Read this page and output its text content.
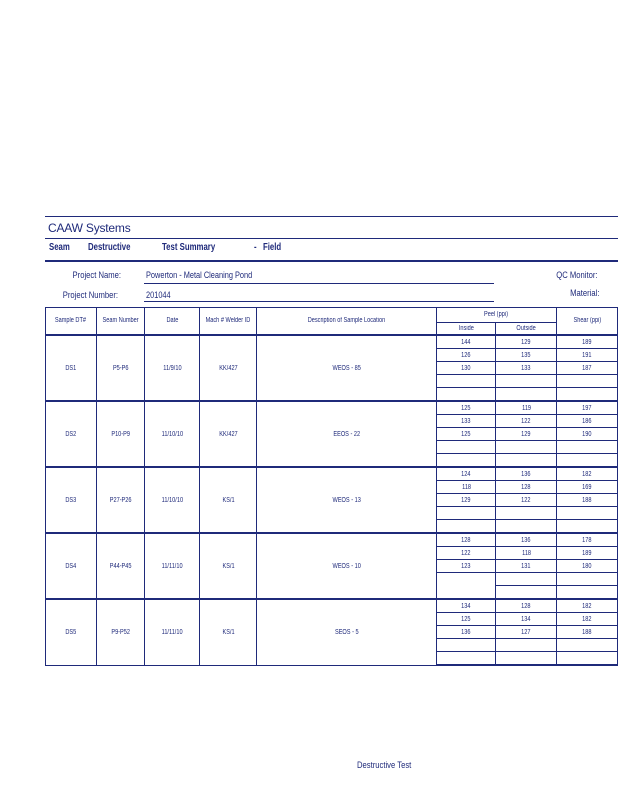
CAAW Systems
Seam Destructive	Test Summary	- Field
Project Name:	Powerton - Metal Cleaning Pond
Project Number:	201044
QC Monitor:
Material:
Sample DT#	Seam Number	Date	Mach # Welder ID	Description of Sample Location	Peel (ppi)		Shear (ppi)
					Inside	Outside	
DS1	P5-P6	11/9/10	KK/427	WEOS - 85	144	129	189
					126	135	191
					130	133	187

DS2	P10-P9	11/10/10	KK/427	EEOS - 22	125	119	197
					133	122	186
					125	129	190

DS3	P27-P26	11/10/10	KS/1	WEOS - 13	124	136	182
					118	128	169
					129	122	188

DS4	P44-P45	11/11/10	KS/1	WEOS - 10	128	136	178
					122	118	189
					123	131	180

DS5	P9-P52	11/11/10	KS/1	SEOS - 5	134	128	182
					125	134	182
					136	127	188

Destructive Test
